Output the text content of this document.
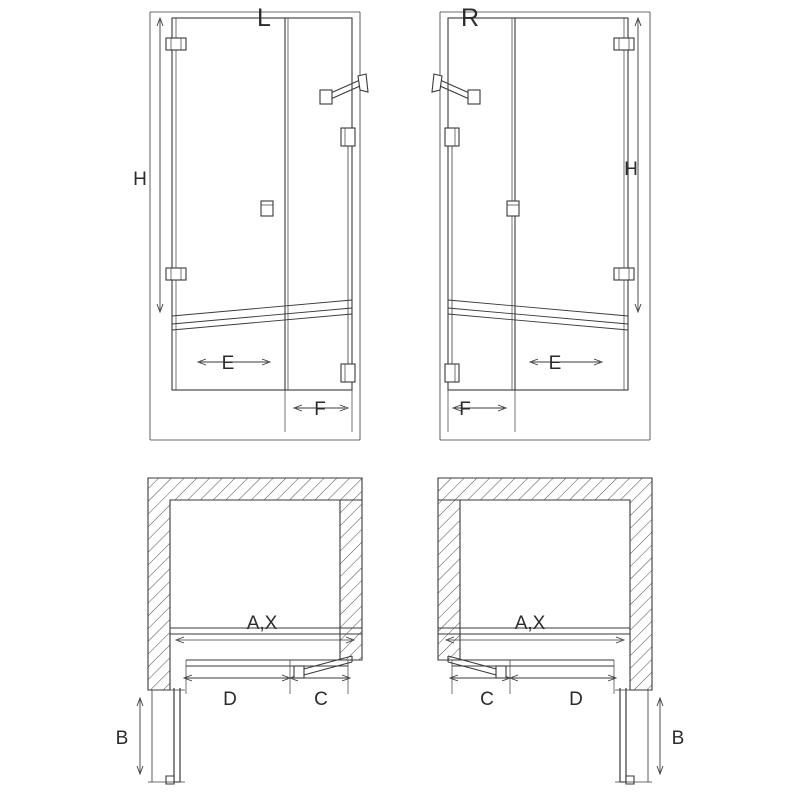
L	R
H	H
E
F
E
F
A,X	A,X
D	C	D
C
B	B
